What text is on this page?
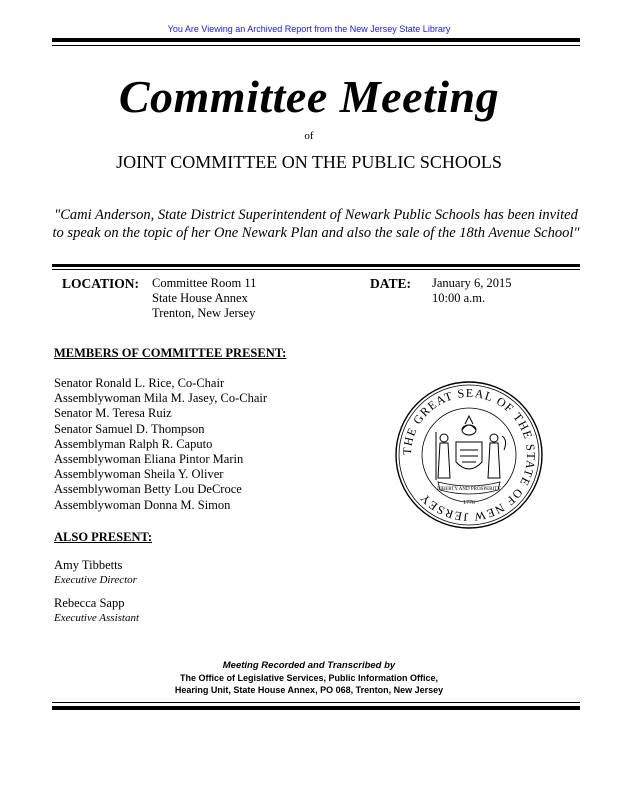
You Are Viewing an Archived Report from the New Jersey State Library
Committee Meeting
of
JOINT COMMITTEE ON THE PUBLIC SCHOOLS
"Cami Anderson, State District Superintendent of Newark Public Schools has been invited to speak on the topic of her One Newark Plan and also the sale of the 18th Avenue School"
LOCATION: Committee Room 11
State House Annex
Trenton, New Jersey
DATE: January 6, 2015
10:00 a.m.
MEMBERS OF COMMITTEE PRESENT:
Senator Ronald L. Rice, Co-Chair
Assemblywoman Mila M. Jasey, Co-Chair
Senator M. Teresa Ruiz
Senator Samuel D. Thompson
Assemblyman Ralph R. Caputo
Assemblywoman Eliana Pintor Marin
Assemblywoman Sheila Y. Oliver
Assemblywoman Betty Lou DeCroce
Assemblywoman Donna M. Simon
THE GREAT SEAL OF THE STATE OF NEW JERSEY
LIBERTY AND PROSPERITY
1776
ALSO PRESENT:
Amy Tibbetts
Executive Director
Rebecca Sapp
Executive Assistant
Meeting Recorded and Transcribed by
The Office of Legislative Services, Public Information Office,
Hearing Unit, State House Annex, PO 068, Trenton, New Jersey
